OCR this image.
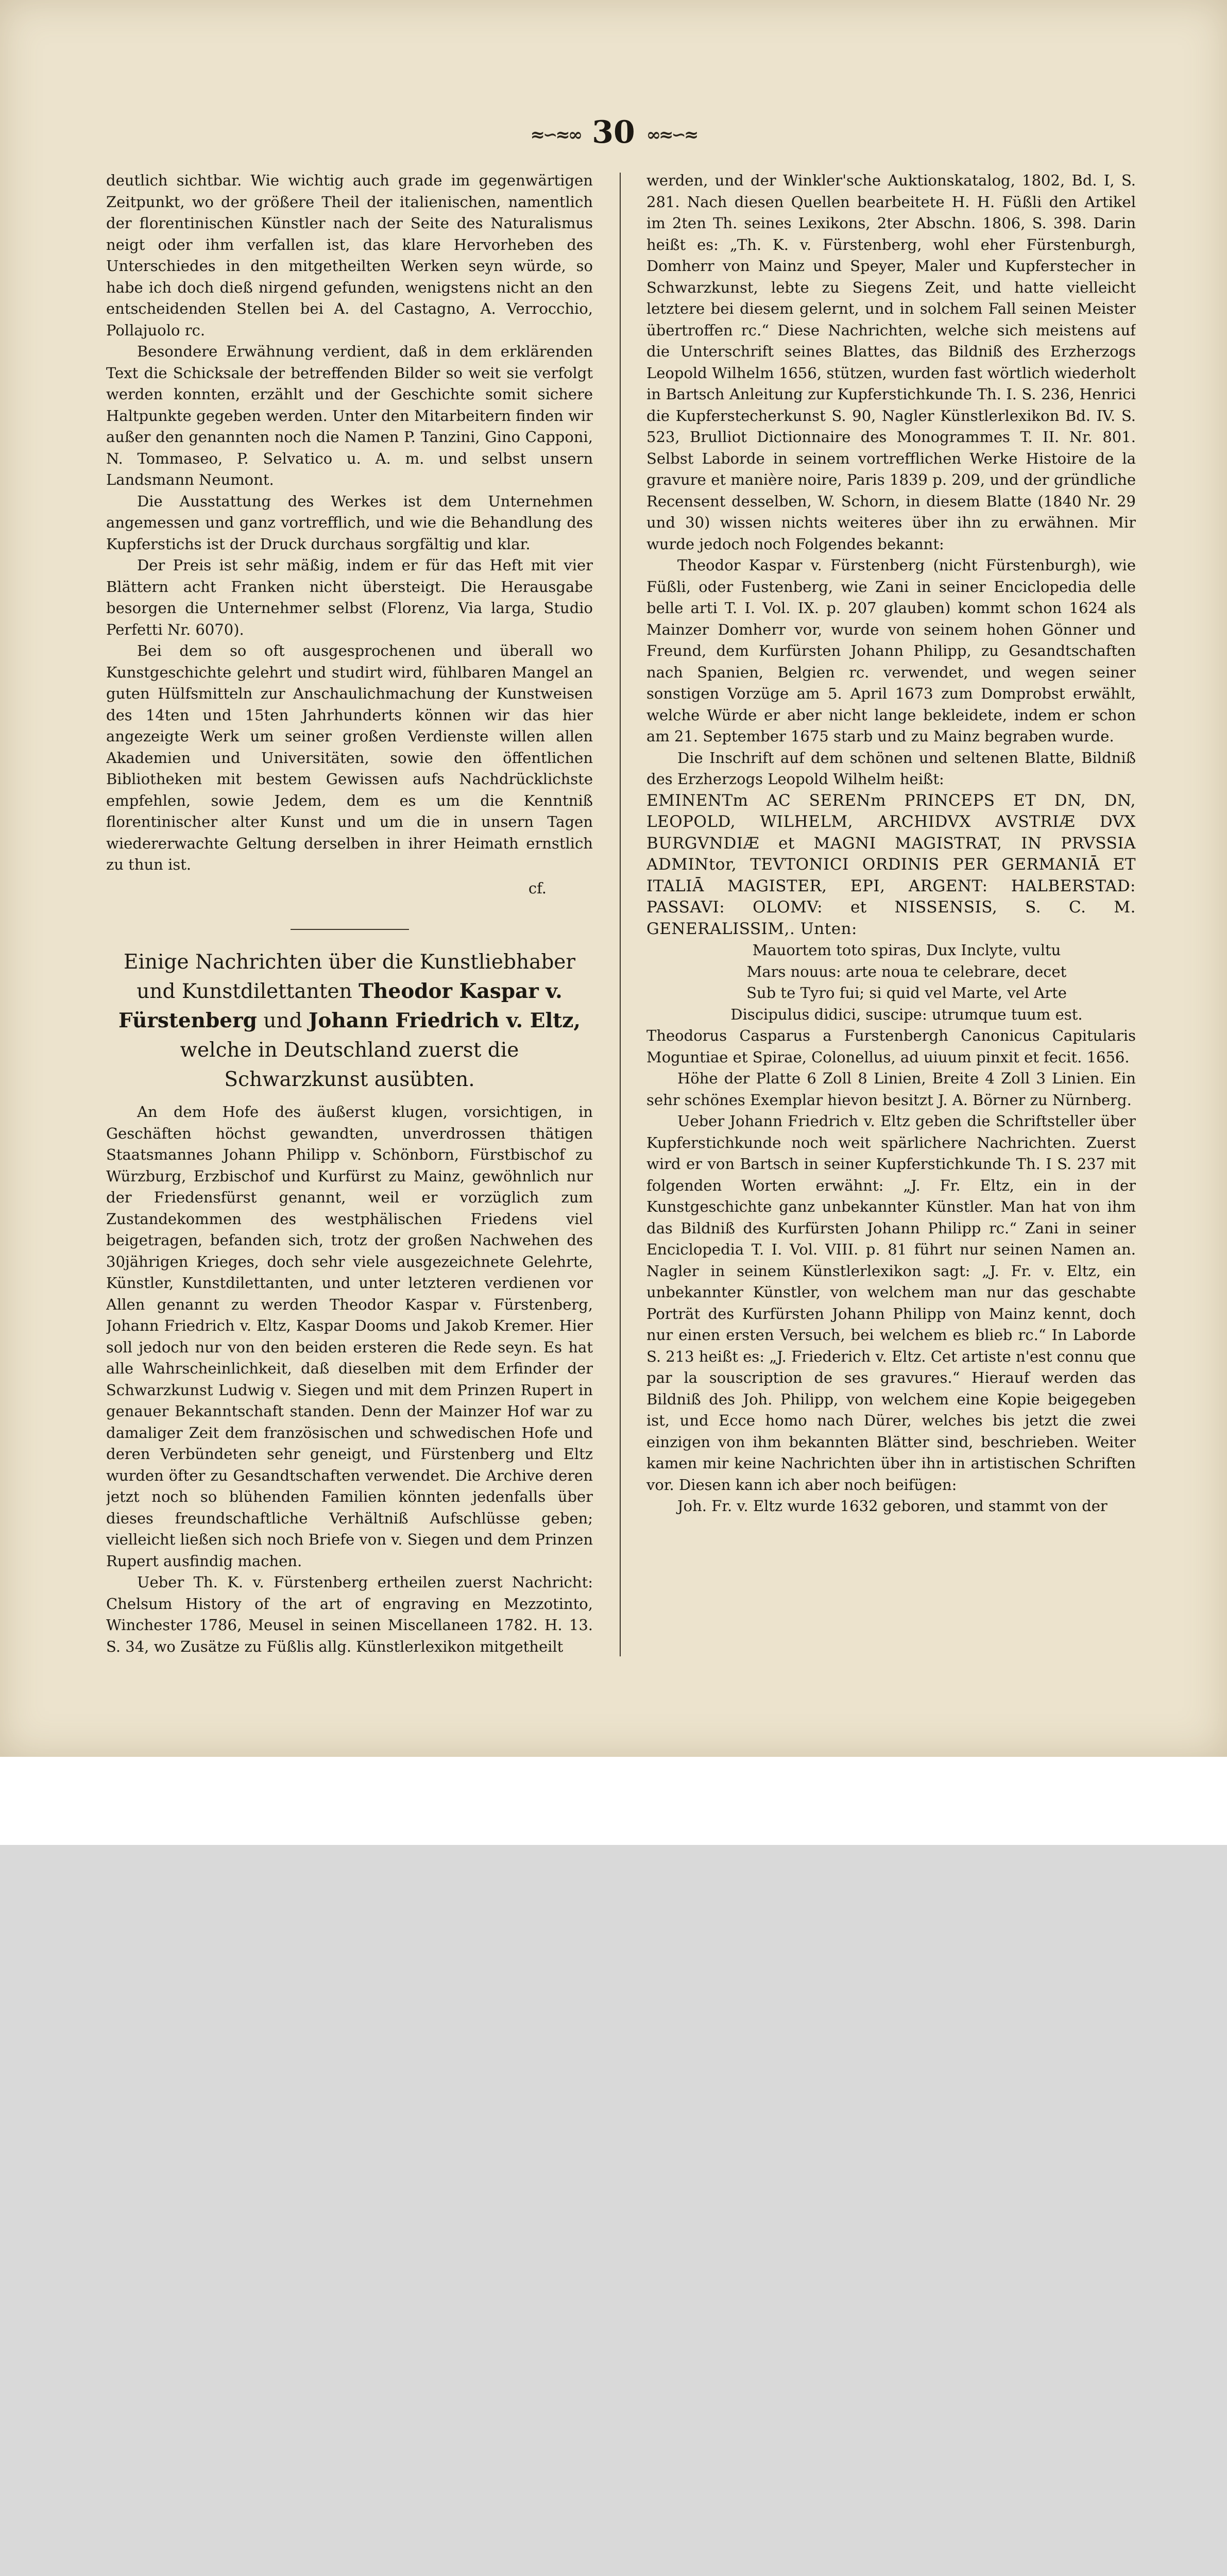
≈∽≈∞ 30 ∞≈∽≈

deutlich sichtbar. Wie wichtig auch grade im gegenwärtigen Zeitpunkt, wo der größere Theil der italienischen, namentlich der florentinischen Künstler nach der Seite des Naturalismus neigt oder ihm verfallen ist, das klare Hervorheben des Unterschiedes in den mitgetheilten Werken seyn würde, so habe ich doch dieß nirgend gefunden, wenigstens nicht an den entscheidenden Stellen bei A. del Castagno, A. Verrocchio, Pollajuolo rc.

Besondere Erwähnung verdient, daß in dem erklärenden Text die Schicksale der betreffenden Bilder so weit sie verfolgt werden konnten, erzählt und der Geschichte somit sichere Haltpunkte gegeben werden. Unter den Mitarbeitern finden wir außer den genannten noch die Namen P. Tanzini, Gino Capponi, N. Tommaseo, P. Selvatico u. A. m. und selbst unsern Landsmann Neumont.

Die Ausstattung des Werkes ist dem Unternehmen angemessen und ganz vortrefflich, und wie die Behandlung des Kupferstichs ist der Druck durchaus sorgfältig und klar.

Der Preis ist sehr mäßig, indem er für das Heft mit vier Blättern acht Franken nicht übersteigt. Die Herausgabe besorgen die Unternehmer selbst (Florenz, Via larga, Studio Perfetti Nr. 6070).

Bei dem so oft ausgesprochenen und überall wo Kunstgeschichte gelehrt und studirt wird, fühlbaren Mangel an guten Hülfsmitteln zur Anschaulichmachung der Kunstweisen des 14ten und 15ten Jahrhunderts können wir das hier angezeigte Werk um seiner großen Verdienste willen allen Akademien und Universitäten, sowie den öffentlichen Bibliotheken mit bestem Gewissen aufs Nachdrücklichste empfehlen, sowie Jedem, dem es um die Kenntniß florentinischer alter Kunst und um die in unsern Tagen wiedererwachte Geltung derselben in ihrer Heimath ernstlich zu thun ist.

cf.
Einige Nachrichten über die Kunstliebhaber und Kunstdilettanten Theodor Kaspar v. Fürstenberg und Johann Friedrich v. Eltz, welche in Deutschland zuerst die Schwarzkunst ausübten.

An dem Hofe des äußerst klugen, vorsichtigen, in Geschäften höchst gewandten, unverdrossen thätigen Staatsmannes Johann Philipp v. Schönborn, Fürstbischof zu Würzburg, Erzbischof und Kurfürst zu Mainz, gewöhnlich nur der Friedensfürst genannt, weil er vorzüglich zum Zustandekommen des westphälischen Friedens viel beigetragen, befanden sich, trotz der großen Nachwehen des 30jährigen Krieges, doch sehr viele ausgezeichnete Gelehrte, Künstler, Kunstdilettanten, und unter letzteren verdienen vor Allen genannt zu werden Theodor Kaspar v. Fürstenberg, Johann Friedrich v. Eltz, Kaspar Dooms und Jakob Kremer. Hier soll jedoch nur von den beiden ersteren die Rede seyn. Es hat alle Wahrscheinlichkeit, daß dieselben mit dem Erfinder der Schwarzkunst Ludwig v. Siegen und mit dem Prinzen Rupert in genauer Bekanntschaft standen. Denn der Mainzer Hof war zu damaliger Zeit dem französischen und schwedischen Hofe und deren Verbündeten sehr geneigt, und Fürstenberg und Eltz wurden öfter zu Gesandtschaften verwendet. Die Archive deren jetzt noch so blühenden Familien könnten jedenfalls über dieses freundschaftliche Verhältniß Aufschlüsse geben; vielleicht ließen sich noch Briefe von v. Siegen und dem Prinzen Rupert ausfindig machen.

Ueber Th. K. v. Fürstenberg ertheilen zuerst Nachricht: Chelsum History of the art of engraving en Mezzotinto, Winchester 1786, Meusel in seinen Miscellaneen 1782. H. 13. S. 34, wo Zusätze zu Füßlis allg. Künstlerlexikon mitgetheilt

werden, und der Winkler'sche Auktionskatalog, 1802, Bd. I, S. 281. Nach diesen Quellen bearbeitete H. H. Füßli den Artikel im 2ten Th. seines Lexikons, 2ter Abschn. 1806, S. 398. Darin heißt es: „Th. K. v. Fürstenberg, wohl eher Fürstenburgh, Domherr von Mainz und Speyer, Maler und Kupferstecher in Schwarzkunst, lebte zu Siegens Zeit, und hatte vielleicht letztere bei diesem gelernt, und in solchem Fall seinen Meister übertroffen rc.“ Diese Nachrichten, welche sich meistens auf die Unterschrift seines Blattes, das Bildniß des Erzherzogs Leopold Wilhelm 1656, stützen, wurden fast wörtlich wiederholt in Bartsch Anleitung zur Kupferstichkunde Th. I. S. 236, Henrici die Kupferstecherkunst S. 90, Nagler Künstlerlexikon Bd. IV. S. 523, Brulliot Dictionnaire des Monogrammes T. II. Nr. 801. Selbst Laborde in seinem vortrefflichen Werke Histoire de la gravure et manière noire, Paris 1839 p. 209, und der gründliche Recensent desselben, W. Schorn, in diesem Blatte (1840 Nr. 29 und 30) wissen nichts weiteres über ihn zu erwähnen. Mir wurde jedoch noch Folgendes bekannt:

Theodor Kaspar v. Fürstenberg (nicht Fürstenburgh), wie Füßli, oder Fustenberg, wie Zani in seiner Enciclopedia delle belle arti T. I. Vol. IX. p. 207 glauben) kommt schon 1624 als Mainzer Domherr vor, wurde von seinem hohen Gönner und Freund, dem Kurfürsten Johann Philipp, zu Gesandtschaften nach Spanien, Belgien rc. verwendet, und wegen seiner sonstigen Vorzüge am 5. April 1673 zum Domprobst erwählt, welche Würde er aber nicht lange bekleidete, indem er schon am 21. September 1675 starb und zu Mainz begraben wurde.

Die Inschrift auf dem schönen und seltenen Blatte, Bildniß des Erzherzogs Leopold Wilhelm heißt:

EMINENTm AC SERENm PRINCEPS ET DN, DN, LEOPOLD, WILHELM, ARCHIDVX AVSTRIÆ DVX BURGVNDIÆ et MAGNI MAGISTRAT, IN PRVSSIA ADMINtor, TEVTONICI ORDINIS PER GERMANIĀ ET ITALIĀ MAGISTER, EPI, ARGENT: HALBERSTAD: PASSAVI: OLOMV: et NISSENSIS, S. C. M. GENERALISSIM,. Unten:

Mauortem toto spiras, Dux Inclyte, vultu

Mars nouus: arte noua te celebrare, decet

Sub te Tyro fui; si quid vel Marte, vel Arte

Discipulus didici, suscipe: utrumque tuum est.

Theodorus Casparus a Furstenbergh Canonicus Capitularis Moguntiae et Spirae, Colonellus, ad uiuum pinxit et fecit. 1656.

Höhe der Platte 6 Zoll 8 Linien, Breite 4 Zoll 3 Linien. Ein sehr schönes Exemplar hievon besitzt J. A. Börner zu Nürnberg.

Ueber Johann Friedrich v. Eltz geben die Schriftsteller über Kupferstichkunde noch weit spärlichere Nachrichten. Zuerst wird er von Bartsch in seiner Kupferstichkunde Th. I S. 237 mit folgenden Worten erwähnt: „J. Fr. Eltz, ein in der Kunstgeschichte ganz unbekannter Künstler. Man hat von ihm das Bildniß des Kurfürsten Johann Philipp rc.“ Zani in seiner Enciclopedia T. I. Vol. VIII. p. 81 führt nur seinen Namen an. Nagler in seinem Künstlerlexikon sagt: „J. Fr. v. Eltz, ein unbekannter Künstler, von welchem man nur das geschabte Porträt des Kurfürsten Johann Philipp von Mainz kennt, doch nur einen ersten Versuch, bei welchem es blieb rc.“ In Laborde S. 213 heißt es: „J. Friederich v. Eltz. Cet artiste n'est connu que par la souscription de ses gravures.“ Hierauf werden das Bildniß des Joh. Philipp, von welchem eine Kopie beigegeben ist, und Ecce homo nach Dürer, welches bis jetzt die zwei einzigen von ihm bekannten Blätter sind, beschrieben. Weiter kamen mir keine Nachrichten über ihn in artistischen Schriften vor. Diesen kann ich aber noch beifügen:

Joh. Fr. v. Eltz wurde 1632 geboren, und stammt von der
